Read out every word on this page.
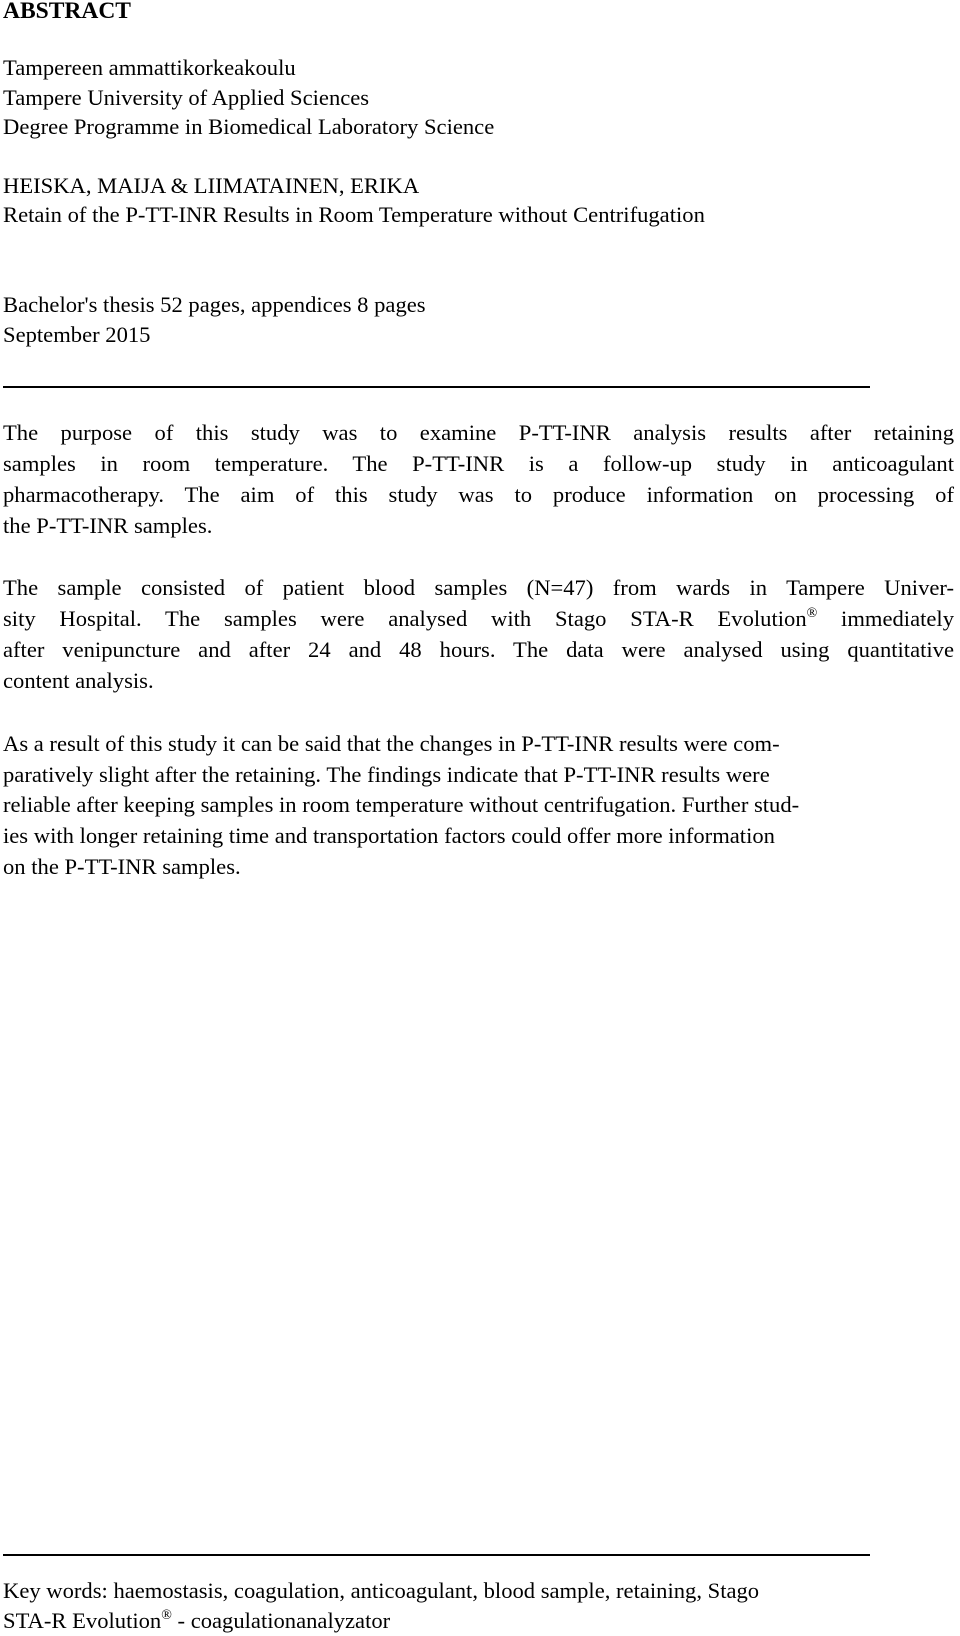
ABSTRACT
Tampereen ammattikorkeakoulu
Tampere University of Applied Sciences
Degree Programme in Biomedical Laboratory Science
HEISKA, MAIJA & LIIMATAINEN, ERIKA
Retain of the P-TT-INR Results in Room Temperature without Centrifugation
Bachelor's thesis 52 pages, appendices 8 pages
September 2015
The purpose of this study was to examine P-TT-INR analysis results after retaining
samples in room temperature. The P-TT-INR is a follow-up study in anticoagulant
pharmacotherapy. The aim of this study was to produce information on processing of
the P-TT-INR samples.
The sample consisted of patient blood samples (N=47) from wards in Tampere Univer-
sity Hospital. The samples were analysed with Stago STA-R Evolution® immediately
after venipuncture and after 24 and 48 hours. The data were analysed using quantitative
content analysis.
As a result of this study it can be said that the changes in P-TT-INR results were com-
paratively slight after the retaining. The findings indicate that P-TT-INR results were
reliable after keeping samples in room temperature without centrifugation. Further stud-
ies with longer retaining time and transportation factors could offer more information
on the P-TT-INR samples.
Key words: haemostasis, coagulation, anticoagulant, blood sample, retaining, Stago
STA-R Evolution® - coagulationanalyzator
